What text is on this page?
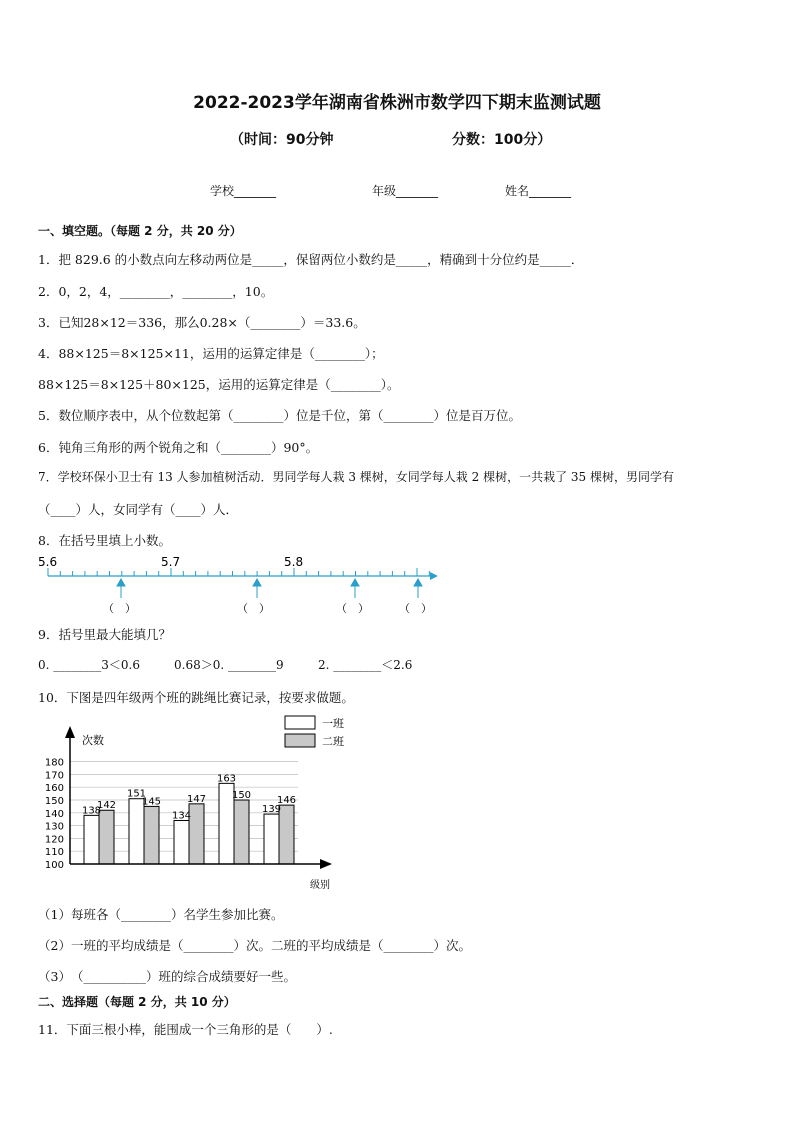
2022-2023学年湖南省株洲市数学四下期末监测试题
（时间：90分钟	分数：100分）
学校_______	年级_______	姓名_______
一、填空题。（每题 2 分，共 20 分）
1．把 829.6 的小数点向左移动两位是_____，保留两位小数约是_____，精确到十分位约是_____．
2．0，2，4，________，________，10。
3．已知28×12＝336，那么0.28×（________）＝33.6。
4．88×125＝8×125×11，运用的运算定律是（________）；
88×125＝8×125＋80×125，运用的运算定律是（________）。
5．数位顺序表中，从个位数起第（________）位是千位，第（________）位是百万位。
6．钝角三角形的两个锐角之和（________）90°。
7．学校环保小卫士有 13 人参加植树活动．男同学每人栽 3 棵树，女同学每人栽 2 棵树，一共栽了 35 棵树，男同学有
（____）人，女同学有（____）人．
8．在括号里填上小数。
5.6	5.7	5.8
（　）	（　）	（　）	（　）
9．括号里最大能填几？
0. ________3＜0.6	0.68＞0. ________9	2. ________＜2.6
10．下图是四年级两个班的跳绳比赛记录，按要求做题。
100
110
120
130
140
150
160
170
180
138
142
151
145
134
147
163
150
139
146
次数
级别
一班
二班
（1）每班各（________）名学生参加比赛。
（2）一班的平均成绩是（________）次。二班的平均成绩是（________）次。
（3）　（__________）班的综合成绩要好一些。
二、选择题（每题 2 分，共 10 分）
11．下面三根小棒，能围成一个三角形的是（　　）.
